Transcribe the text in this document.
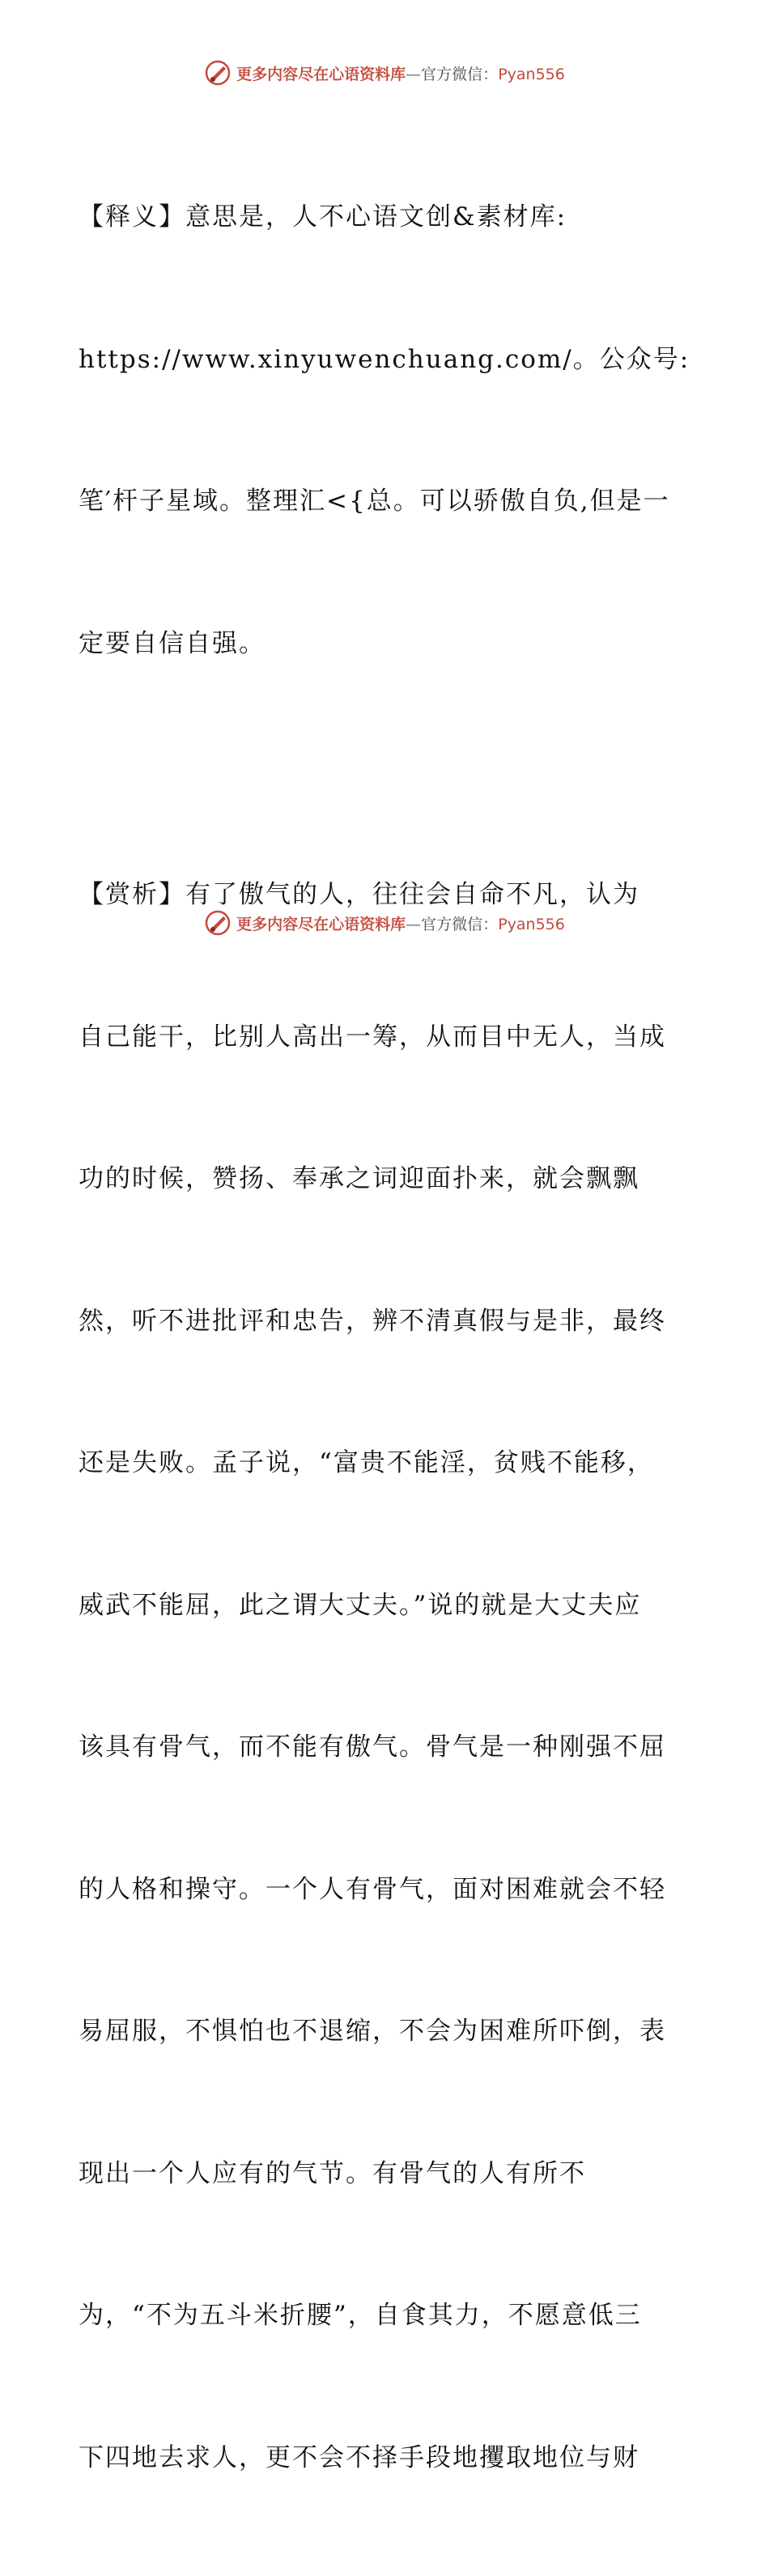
更多内容尽在心语资料库—官方微信：Pyan556

【释义】意思是，人不心语文创&素材库:

https://www.xinyuwenchuang.com/。公众号:

笔′杆子星域。整理汇<{总。可以骄傲自负,但是一

定要自信自强。

【赏析】有了傲气的人，往往会自命不凡，认为

自己能干，比别人高出一筹，从而目中无人，当成

功的时候，赞扬、奉承之词迎面扑来，就会飘飘

然，听不进批评和忠告，辨不清真假与是非，最终

还是失败。孟子说，“富贵不能淫，贫贱不能移，

威武不能屈，此之谓大丈夫。”说的就是大丈夫应

该具有骨气，而不能有傲气。骨气是一种刚强不屈

的人格和操守。一个人有骨气，面对困难就会不轻

易屈服，不惧怕也不退缩，不会为困难所吓倒，表

现出一个人应有的气节。有骨气的人有所不

为，“不为五斗米折腰”，自食其力，不愿意低三

下四地去求人，更不会不择手段地攫取地位与财

更多内容尽在心语资料库—官方微信：Pyan556
